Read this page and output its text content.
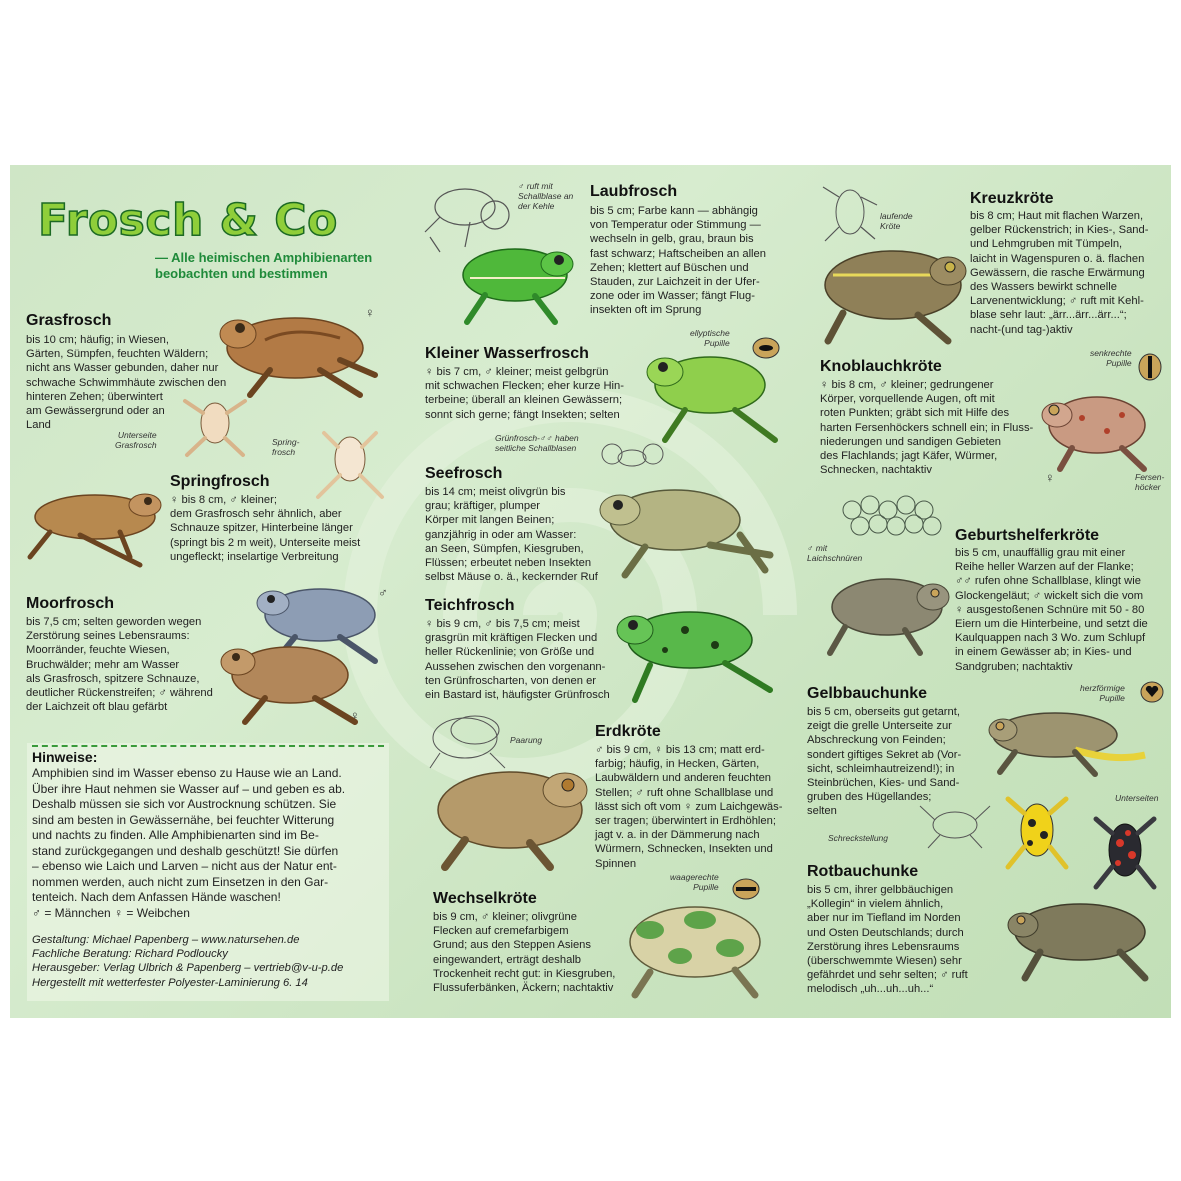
Frosch & Co
— Alle heimischen Amphibienarten
beobachten und bestimmen
Grasfrosch
bis 10 cm; häufig; in Wiesen,
Gärten, Sümpfen, feuchten Wäldern;
nicht ans Wasser gebunden, daher nur
schwache Schwimmhäute zwischen den
hinteren Zehen; überwintert
am Gewässergrund oder an
Land
♀
Unterseite
Grasfrosch	Spring-
frosch
Springfrosch
♀ bis 8 cm, ♂ kleiner;
dem Grasfrosch sehr ähnlich, aber
Schnauze spitzer, Hinterbeine länger
(springt bis 2 m weit), Unterseite meist
ungefleckt; inselartige Verbreitung
Moorfrosch
bis 7,5 cm; selten geworden wegen
Zerstörung seines Lebensraums:
Moorränder, feuchte Wiesen,
Bruchwälder; mehr am Wasser
als Grasfrosch, spitzere Schnauze,
deutlicher Rückenstreifen; ♂ während
der Laichzeit oft blau gefärbt
♂
♀
Hinweise:
Amphibien sind im Wasser ebenso zu Hause wie an Land.
Über ihre Haut nehmen sie Wasser auf – und geben es ab.
Deshalb müssen sie sich vor Austrocknung schützen. Sie
sind am besten in Gewässernähe, bei feuchter Witterung
und nachts zu finden. Alle Amphibienarten sind im Be-
stand zurückgegangen und deshalb geschützt! Sie dürfen
– ebenso wie Laich und Larven – nicht aus der Natur ent-
nommen werden, auch nicht zum Einsetzen in den Gar-
tenteich. Nach dem Anfassen Hände waschen!
♂ = Männchen ♀ = Weibchen
Gestaltung: Michael Papenberg – www.natursehen.de
Fachliche Beratung: Richard Podloucky
Herausgeber: Verlag Ulbrich & Papenberg – vertrieb@v-u-p.de
Hergestellt mit wetterfester Polyester-Laminierung 6. 14
♂ ruft mit
Schallblase an
der Kehle
Laubfrosch
bis 5 cm; Farbe kann — abhängig
von Temperatur oder Stimmung —
wechseln in gelb, grau, braun bis
fast schwarz; Haftscheiben an allen
Zehen; klettert auf Büschen und
Stauden, zur Laichzeit in der Ufer-
zone oder im Wasser; fängt Flug-
insekten oft im Sprung
Kleiner Wasserfrosch
ellyptische
Pupille
♀ bis 7 cm, ♂ kleiner; meist gelbgrün
mit schwachen Flecken; eher kurze Hin-
terbeine; überall an kleinen Gewässern;
sonnt sich gerne; fängt Insekten; selten
Grünfrosch-♂♂ haben
seitliche Schallblasen
Seefrosch
bis 14 cm; meist olivgrün bis
grau; kräftiger, plumper
Körper mit langen Beinen;
ganzjährig in oder am Wasser:
an Seen, Sümpfen, Kiesgruben,
Flüssen; erbeutet neben Insekten
selbst Mäuse o. ä., keckernder Ruf
Teichfrosch
♀ bis 9 cm, ♂ bis 7,5 cm; meist
grasgrün mit kräftigen Flecken und
heller Rückenlinie; von Größe und
Aussehen zwischen den vorgenann-
ten Grünfroscharten, von denen er
ein Bastard ist, häufigster Grünfrosch
Paarung	Erdkröte
♂ bis 9 cm, ♀ bis 13 cm; matt erd-
farbig; häufig, in Hecken, Gärten,
Laubwäldern und anderen feuchten
Stellen; ♂ ruft ohne Schallblase und
lässt sich oft vom ♀ zum Laichgewäs-
ser tragen; überwintert in Erdhöhlen;
jagt v. a. in der Dämmerung nach
Würmern, Schnecken, Insekten und
Spinnen
Wechselkröte
bis 9 cm, ♂ kleiner; olivgrüne
Flecken auf cremefarbigem
Grund; aus den Steppen Asiens
eingewandert, erträgt deshalb
Trockenheit recht gut: in Kiesgruben,
Flussuferbänken, Äckern; nachtaktiv
waagerechte
Pupille
laufende
Kröte
Kreuzkröte
bis 8 cm; Haut mit flachen Warzen,
gelber Rückenstrich; in Kies-, Sand-
und Lehmgruben mit Tümpeln,
laicht in Wagenspuren o. ä. flachen
Gewässern, die rasche Erwärmung
des Wassers bewirkt schnelle
Larvenentwicklung; ♂ ruft mit Kehl-
blase sehr laut: „ärr...ärr...ärr...“;
nacht-(und tag-)aktiv
Knoblauchkröte
♀ bis 8 cm, ♂ kleiner; gedrungener
Körper, vorquellende Augen, oft mit
roten Punkten; gräbt sich mit Hilfe des
harten Fersenhöckers schnell ein; in Fluss-
niederungen und sandigen Gebieten
des Flachlands; jagt Käfer, Würmer,
Schnecken, nachtaktiv
senkrechte
Pupille
Fersen-
höcker
♀
♂ mit
Laichschnüren
Geburtshelferkröte
bis 5 cm, unauffällig grau mit einer
Reihe heller Warzen auf der Flanke;
♂♂ rufen ohne Schallblase, klingt wie
Glockengeläut; ♂ wickelt sich die vom
♀ ausgestoßenen Schnüre mit 50 - 80
Eiern um die Hinterbeine, und setzt die
Kaulquappen nach 3 Wo. zum Schlupf
in einem Gewässer ab; in Kies- und
Sandgruben; nachtaktiv
Gelbbauchunke
bis 5 cm, oberseits gut getarnt,
zeigt die grelle Unterseite zur
Abschreckung von Feinden;
sondert giftiges Sekret ab (Vor-
sicht, schleimhautreizend!); in
Steinbrüchen, Kies- und Sand-
gruben des Hügellandes;
selten
herzförmige
Pupille
Unterseiten
Schreckstellung
Rotbauchunke
bis 5 cm, ihrer gelbbäuchigen
„Kollegin“ in vielem ähnlich,
aber nur im Tiefland im Norden
und Osten Deutschlands; durch
Zerstörung ihres Lebensraums
(überschwemmte Wiesen) sehr
gefährdet und sehr selten; ♂ ruft
melodisch „uh...uh...uh...“
